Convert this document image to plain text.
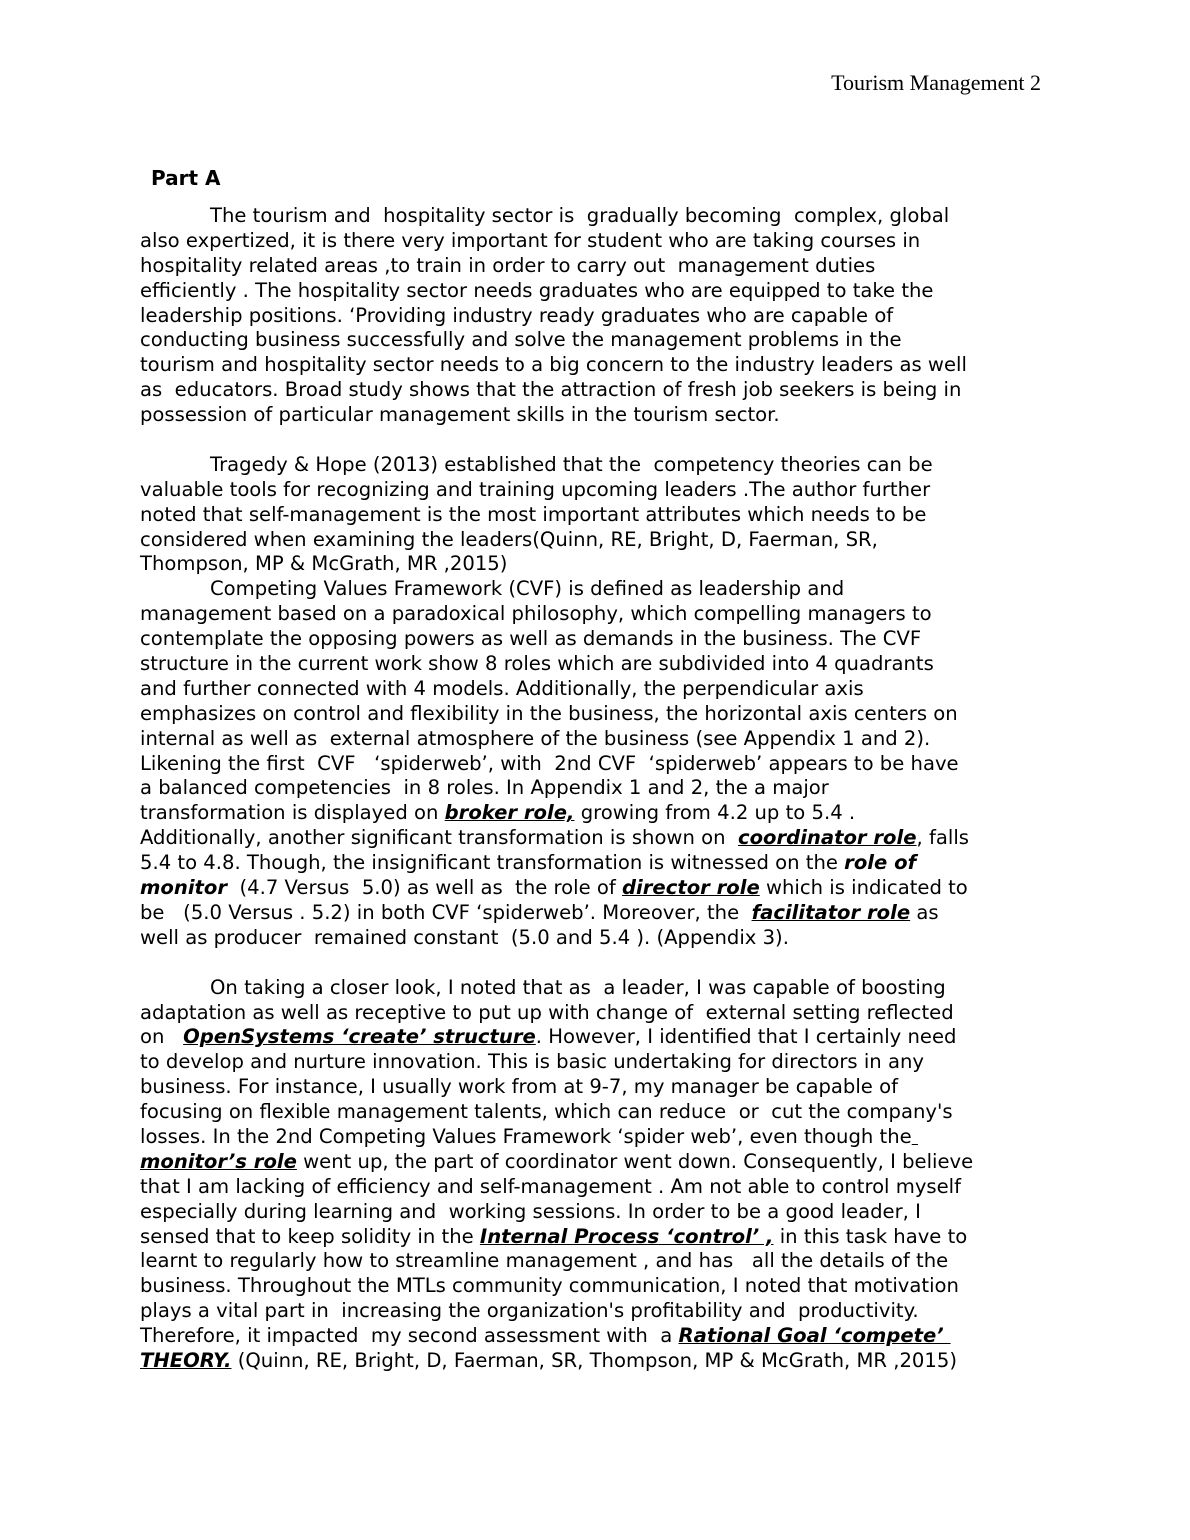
Tourism Management 2
Part A
The tourism and  hospitality sector is  gradually becoming  complex, global
also expertized, it is there very important for student who are taking courses in
hospitality related areas ,to train in order to carry out  management duties
efficiently . The hospitality sector needs graduates who are equipped to take the
leadership positions. ‘Providing industry ready graduates who are capable of
conducting business successfully and solve the management problems in the
tourism and hospitality sector needs to a big concern to the industry leaders as well
as  educators. Broad study shows that the attraction of fresh job seekers is being in
possession of particular management skills in the tourism sector.
Tragedy & Hope (2013) established that the  competency theories can be
valuable tools for recognizing and training upcoming leaders .The author further
noted that self-management is the most important attributes which needs to be
considered when examining the leaders(Quinn, RE, Bright, D, Faerman, SR,
Thompson, MP & McGrath, MR ,2015)
Competing Values Framework (CVF) is defined as leadership and
management based on a paradoxical philosophy, which compelling managers to
contemplate the opposing powers as well as demands in the business. The CVF
structure in the current work show 8 roles which are subdivided into 4 quadrants
and further connected with 4 models. Additionally, the perpendicular axis
emphasizes on control and flexibility in the business, the horizontal axis centers on
internal as well as  external atmosphere of the business (see Appendix 1 and 2).
Likening the first  CVF   ‘spiderweb’, with  2nd CVF  ‘spiderweb’ appears to be have
a balanced competencies  in 8 roles. In Appendix 1 and 2, the a major
transformation is displayed on broker role, growing from 4.2 up to 5.4 .
Additionally, another significant transformation is shown on  coordinator role, falls
5.4 to 4.8. Though, the insignificant transformation is witnessed on the role of
monitor  (4.7 Versus  5.0) as well as  the role of director role which is indicated to
be   (5.0 Versus . 5.2) in both CVF ‘spiderweb’. Moreover, the  facilitator role as
well as producer  remained constant  (5.0 and 5.4 ). (Appendix 3).
On taking a closer look, I noted that as  a leader, I was capable of boosting
adaptation as well as receptive to put up with change of  external setting reflected
on   OpenSystems ‘create’ structure. However, I identified that I certainly need
to develop and nurture innovation. This is basic undertaking for directors in any
business. For instance, I usually work from at 9-7, my manager be capable of
focusing on flexible management talents, which can reduce  or  cut the company's
losses. In the 2nd Competing Values Framework ‘spider web’, even though the
monitor’s role went up, the part of coordinator went down. Consequently, I believe
that I am lacking of efficiency and self-management . Am not able to control myself
especially during learning and  working sessions. In order to be a good leader, I
sensed that to keep solidity in the Internal Process ‘control’ , in this task have to
learnt to regularly how to streamline management , and has   all the details of the
business. Throughout the MTLs community communication, I noted that motivation
plays a vital part in  increasing the organization's profitability and  productivity.
Therefore, it impacted  my second assessment with  a Rational Goal ‘compete’
THEORY. (Quinn, RE, Bright, D, Faerman, SR, Thompson, MP & McGrath, MR ,2015)
